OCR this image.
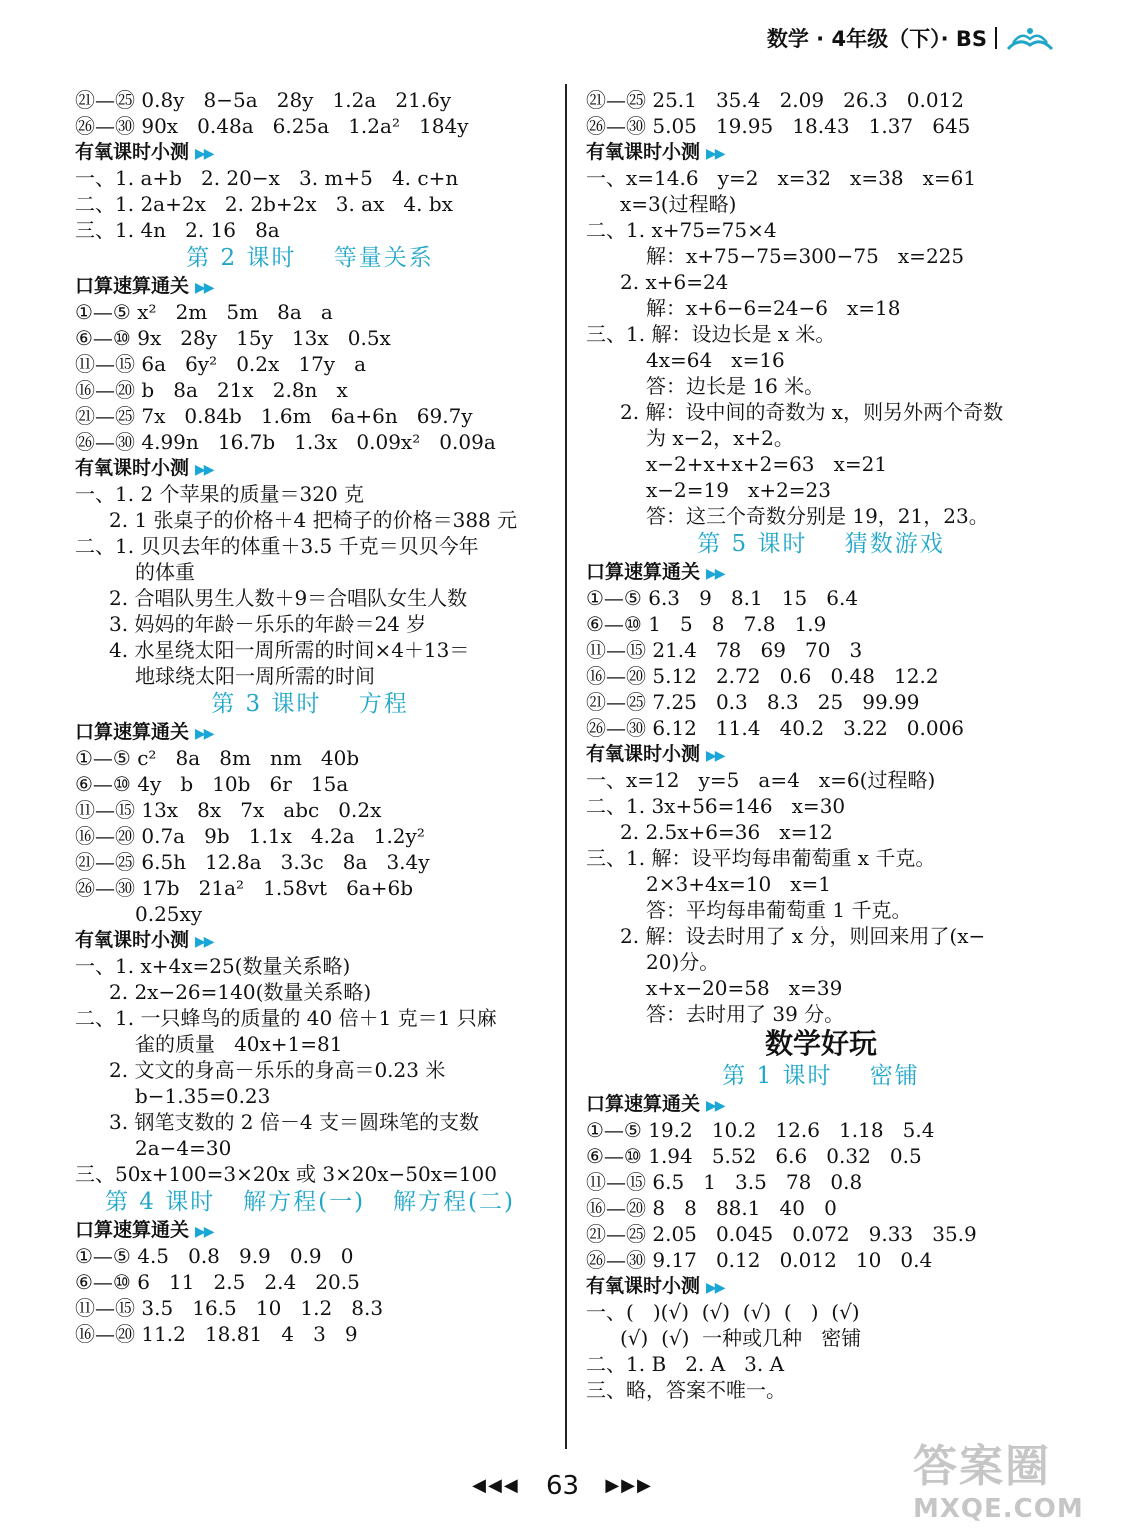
数学 · 4年级（下）· BS
㉑—㉕ 0.8y   8−5a   28y   1.2a   21.6y
㉖—㉚ 90x   0.48a   6.25a   1.2a²   184y
有氧课时小测 ▶▶
一、1. a+b   2. 20−x   3. m+5   4. c+n
二、1. 2a+2x   2. 2b+2x   3. ax   4. bx
三、1. 4n   2. 16   8a
第 2 课时    等量关系
口算速算通关 ▶▶
①—⑤ x²   2m   5m   8a   a
⑥—⑩ 9x   28y   15y   13x   0.5x
⑪—⑮ 6a   6y²   0.2x   17y   a
⑯—⑳ b   8a   21x   2.8n   x
㉑—㉕ 7x   0.84b   1.6m   6a+6n   69.7y
㉖—㉚ 4.99n   16.7b   1.3x   0.09x²   0.09a
有氧课时小测 ▶▶
一、1. 2 个苹果的质量＝320 克
2. 1 张桌子的价格＋4 把椅子的价格＝388 元
二、1. 贝贝去年的体重＋3.5 千克＝贝贝今年
的体重
2. 合唱队男生人数＋9＝合唱队女生人数
3. 妈妈的年龄－乐乐的年龄＝24 岁
4. 水星绕太阳一周所需的时间×4＋13＝
地球绕太阳一周所需的时间
第 3 课时    方程
口算速算通关 ▶▶
①—⑤ c²   8a   8m   nm   40b
⑥—⑩ 4y   b   10b   6r   15a
⑪—⑮ 13x   8x   7x   abc   0.2x
⑯—⑳ 0.7a   9b   1.1x   4.2a   1.2y²
㉑—㉕ 6.5h   12.8a   3.3c   8a   3.4y
㉖—㉚ 17b   21a²   1.58vt   6a+6b
0.25xy
有氧课时小测 ▶▶
一、1. x+4x=25(数量关系略)
2. 2x−26=140(数量关系略)
二、1. 一只蜂鸟的质量的 40 倍＋1 克＝1 只麻
雀的质量   40x+1=81
2. 文文的身高－乐乐的身高＝0.23 米
b−1.35=0.23
3. 钢笔支数的 2 倍－4 支＝圆珠笔的支数
2a−4=30
三、50x+100=3×20x 或 3×20x−50x=100
第 4 课时   解方程(一)   解方程(二)
口算速算通关 ▶▶
①—⑤ 4.5   0.8   9.9   0.9   0
⑥—⑩ 6   11   2.5   2.4   20.5
⑪—⑮ 3.5   16.5   10   1.2   8.3
⑯—⑳ 11.2   18.81   4   3   9
㉑—㉕ 25.1   35.4   2.09   26.3   0.012
㉖—㉚ 5.05   19.95   18.43   1.37   645
有氧课时小测 ▶▶
一、x=14.6   y=2   x=32   x=38   x=61
x=3(过程略)
二、1. x+75=75×4
解：x+75−75=300−75   x=225
2. x+6=24
解：x+6−6=24−6   x=18
三、1. 解：设边长是 x 米。
4x=64   x=16
答：边长是 16 米。
2. 解：设中间的奇数为 x，则另外两个奇数
为 x−2，x+2。
x−2+x+x+2=63   x=21
x−2=19   x+2=23
答：这三个奇数分别是 19，21，23。
第 5 课时    猜数游戏
口算速算通关 ▶▶
①—⑤ 6.3   9   8.1   15   6.4
⑥—⑩ 1   5   8   7.8   1.9
⑪—⑮ 21.4   78   69   70   3
⑯—⑳ 5.12   2.72   0.6   0.48   12.2
㉑—㉕ 7.25   0.3   8.3   25   99.99
㉖—㉚ 6.12   11.4   40.2   3.22   0.006
有氧课时小测 ▶▶
一、x=12   y=5   a=4   x=6(过程略)
二、1. 3x+56=146   x=30
2. 2.5x+6=36   x=12
三、1. 解：设平均每串葡萄重 x 千克。
2×3+4x=10   x=1
答：平均每串葡萄重 1 千克。
2. 解：设去时用了 x 分，则回来用了(x−
20)分。
x+x−20=58   x=39
答：去时用了 39 分。
数学好玩
第 1 课时    密铺
口算速算通关 ▶▶
①—⑤ 19.2   10.2   12.6   1.18   5.4
⑥—⑩ 1.94   5.52   6.6   0.32   0.5
⑪—⑮ 6.5   1   3.5   78   0.8
⑯—⑳ 8   8   88.1   40   0
㉑—㉕ 2.05   0.045   0.072   9.33   35.9
㉖—㉚ 9.17   0.12   0.012   10   0.4
有氧课时小测 ▶▶
一、(   )(√)  (√)  (√)  (   )  (√)
(√)  (√)  一种或几种   密铺
二、1. B   2. A   3. A
三、略，答案不唯一。
◀◀◀ 63 ▶▶▶	答案圈
MXQE.COM
